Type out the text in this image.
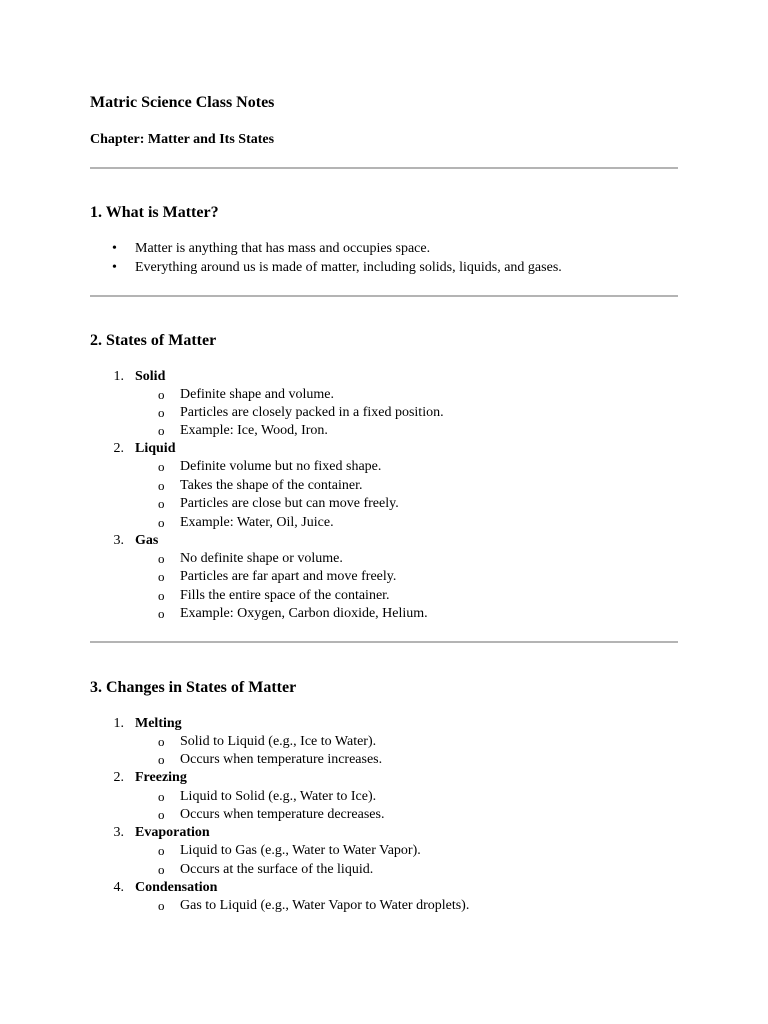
Matric Science Class Notes
Chapter: Matter and Its States
1. What is Matter?
• Matter is anything that has mass and occupies space.
• Everything around us is made of matter, including solids, liquids, and gases.
2. States of Matter
1. Solid
o Definite shape and volume.
o Particles are closely packed in a fixed position.
o Example: Ice, Wood, Iron.
2. Liquid
o Definite volume but no fixed shape.
o Takes the shape of the container.
o Particles are close but can move freely.
o Example: Water, Oil, Juice.
3. Gas
o No definite shape or volume.
o Particles are far apart and move freely.
o Fills the entire space of the container.
o Example: Oxygen, Carbon dioxide, Helium.
3. Changes in States of Matter
1. Melting
o Solid to Liquid (e.g., Ice to Water).
o Occurs when temperature increases.
2. Freezing
o Liquid to Solid (e.g., Water to Ice).
o Occurs when temperature decreases.
3. Evaporation
o Liquid to Gas (e.g., Water to Water Vapor).
o Occurs at the surface of the liquid.
4. Condensation
o Gas to Liquid (e.g., Water Vapor to Water droplets).
